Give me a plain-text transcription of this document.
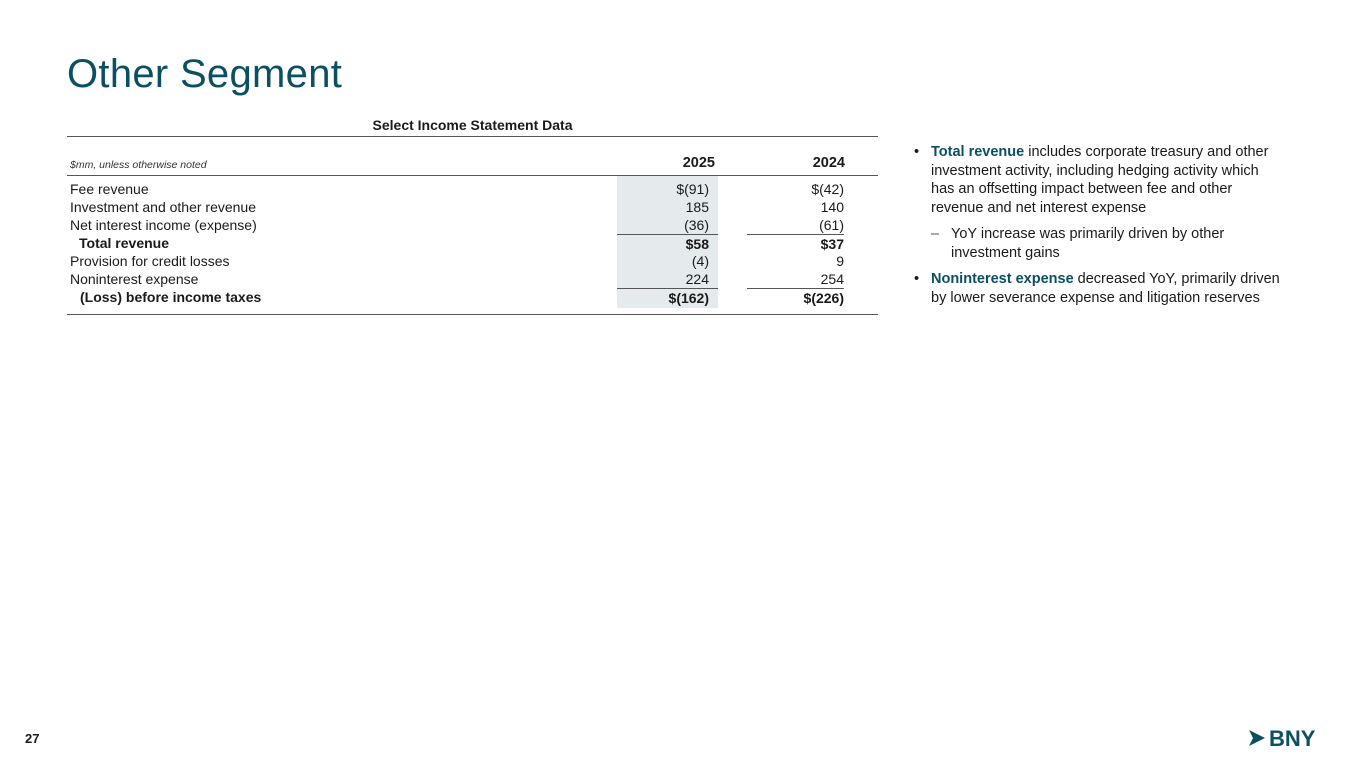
Other Segment
Select Income Statement Data
$mm, unless otherwise noted	2025	2024
Fee revenue	$(91)	$(42)
Investment and other revenue	185	140
Net interest income (expense)	(36)	(61)
Total revenue	$58	$37
Provision for credit losses	(4)	9
Noninterest expense	224	254
(Loss) before income taxes	$(162)	$(226)
• Total revenue includes corporate treasury and other investment activity, including hedging activity which has an offsetting impact between fee and other revenue and net interest expense
– YoY increase was primarily driven by other investment gains
• Noninterest expense decreased YoY, primarily driven by lower severance expense and litigation reserves
27	BNY
